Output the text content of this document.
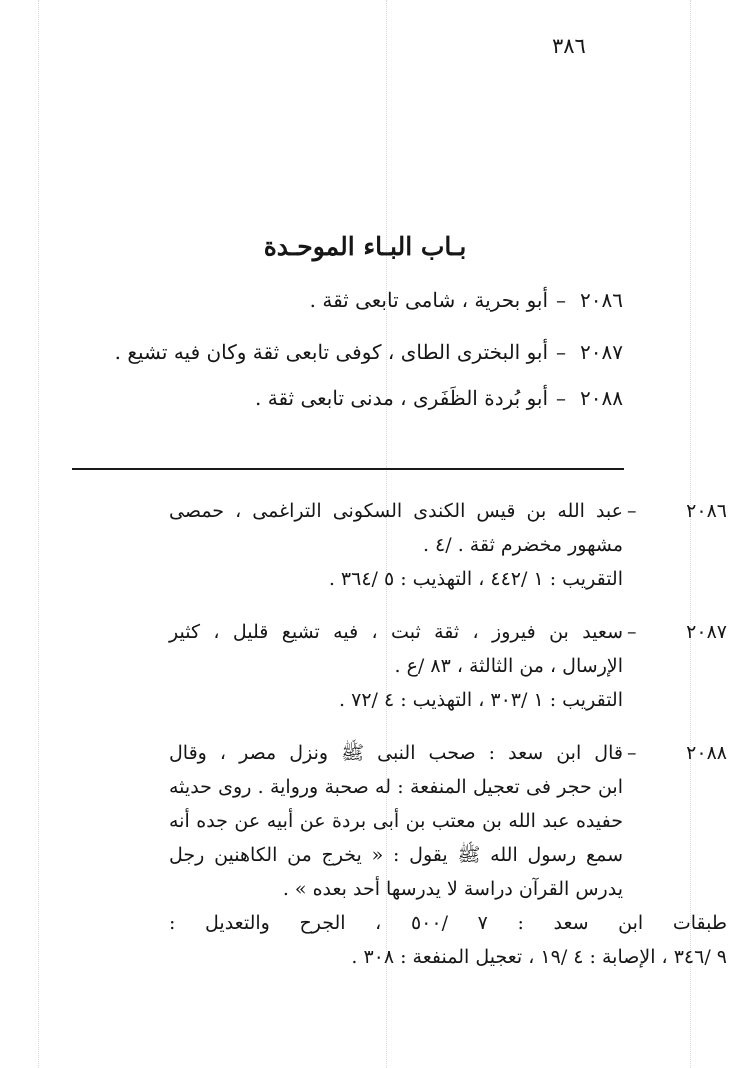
٣٨٦
بـاب البـاء الموحـدة
٢٠٨٦–أبو بحرية ، شامى تابعى ثقة .
٢٠٨٧–أبو البخترى الطاى ، كوفى تابعى ثقة وكان فيه تشيع .
٢٠٨٨–أبو بُردة الظَفَرى ، مدنى تابعى ثقة .
٢٠٨٦ –
عبد الله بن قيس الكندى السكونى التراغمى ، حمصى
مشهور مخضرم ثقة . /٤ .
التقريب : ١ /٤٤٢ ، التهذيب : ٥ /٣٦٤ .
٢٠٨٧ –
سعيد بن فيروز ، ثقة ثبت ، فيه تشيع قليل ، كثير
الإرسال ، من الثالثة ، ٨٣ /ع .
التقريب : ١ /٣٠٣ ، التهذيب : ٤ /٧٢ .
٢٠٨٨ –
قال ابن سعد : صحب النبى ﷺ ونزل مصر ، وقال
ابن حجر فى تعجيل المنفعة : له صحبة ورواية . روى حديثه
حفيده عبد الله بن معتب بن أبى بردة عن أبيه عن جده أنه
سمع رسول الله ﷺ يقول : « يخرج من الكاهنين رجل
يدرس القرآن دراسة لا يدرسها أحد بعده » .
طبقات ابن سعد : ٧ /٥٠٠ ، الجرح والتعديل :
٩ /٣٤٦ ، الإصابة : ٤ /١٩ ، تعجيل المنفعة : ٣٠٨ .
